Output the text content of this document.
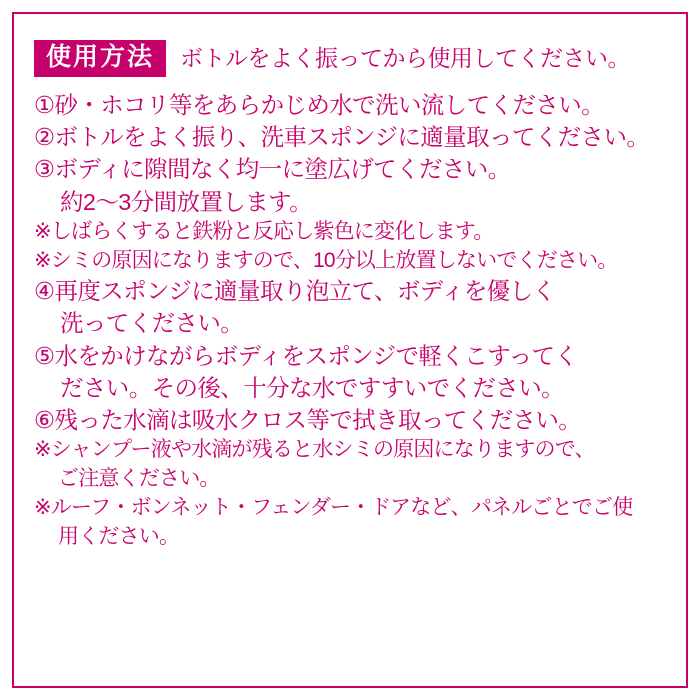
使用方法	ボトルをよく振ってから使用してください。
①砂・ホコリ等をあらかじめ水で洗い流してください。
②ボトルをよく振り、洗車スポンジに適量取ってください。
③ボディに隙間なく均一に塗広げてください。
約2〜3分間放置します。
※しばらくすると鉄粉と反応し紫色に変化します。
※シミの原因になりますので、10分以上放置しないでください。
④再度スポンジに適量取り泡立て、ボディを優しく
洗ってください。
⑤水をかけながらボディをスポンジで軽くこすってく
ださい。その後、十分な水ですすいでください。
⑥残った水滴は吸水クロス等で拭き取ってください。
※シャンプー液や水滴が残ると水シミの原因になりますので、
ご注意ください。
※ルーフ・ボンネット・フェンダー・ドアなど、パネルごとでご使
用ください。
